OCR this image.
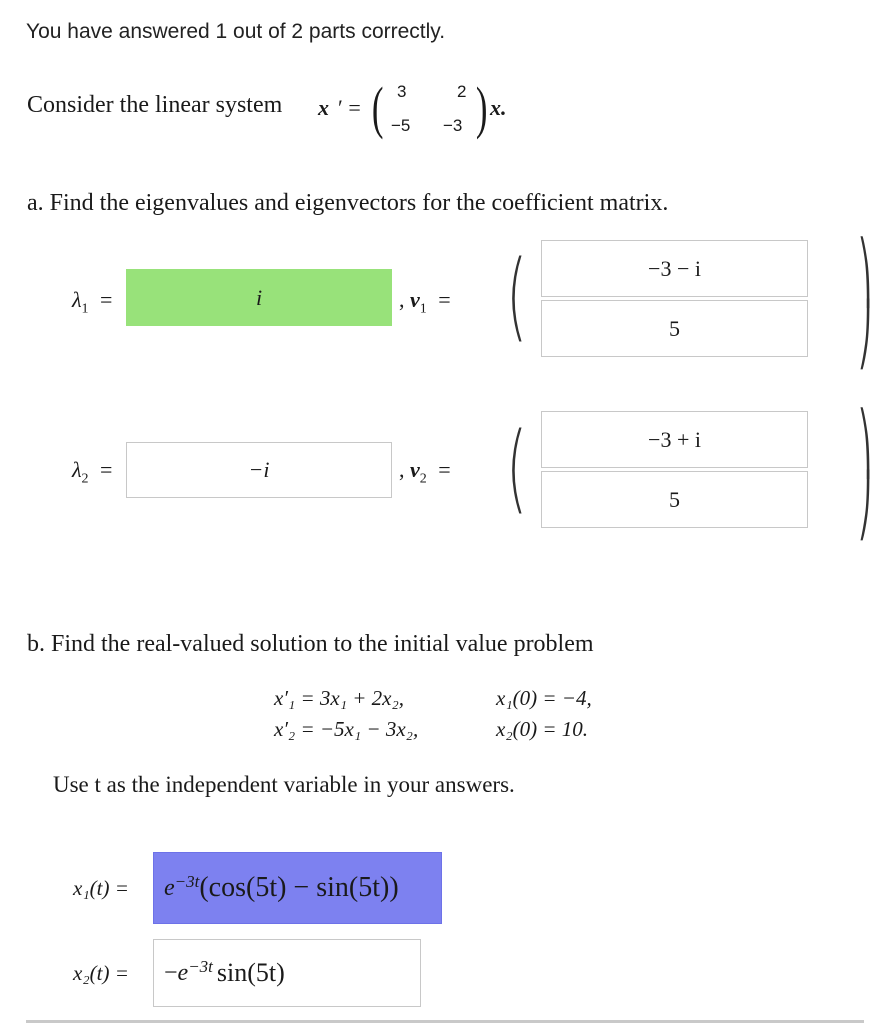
You have answered 1 out of 2 parts correctly.
Consider the linear system x ′ = ( 3	2
−5 −3 ) x.
a. Find the eigenvalues and eigenvectors for the coefficient matrix.
$\lambda_1$ =	i	, $v_1$ = (	−3 − i
5
⎞
⎠
$\lambda_2$ =	−i	, $v_2$ = (	−3 + i
5
⎞
⎠
b. Find the real-valued solution to the initial value problem
x′₁ = 3x₁ + 2x₂,	x₁(0) = −4,
x′₂ = −5x₁ − 3x₂,	x₂(0) = 10.
Use t as the independent variable in your answers.
$x_1(t) = e^{-3t}$ (cos(5t) − sin(5t))
x₂(t) = − $e^{-3t}$ sin(5t)
